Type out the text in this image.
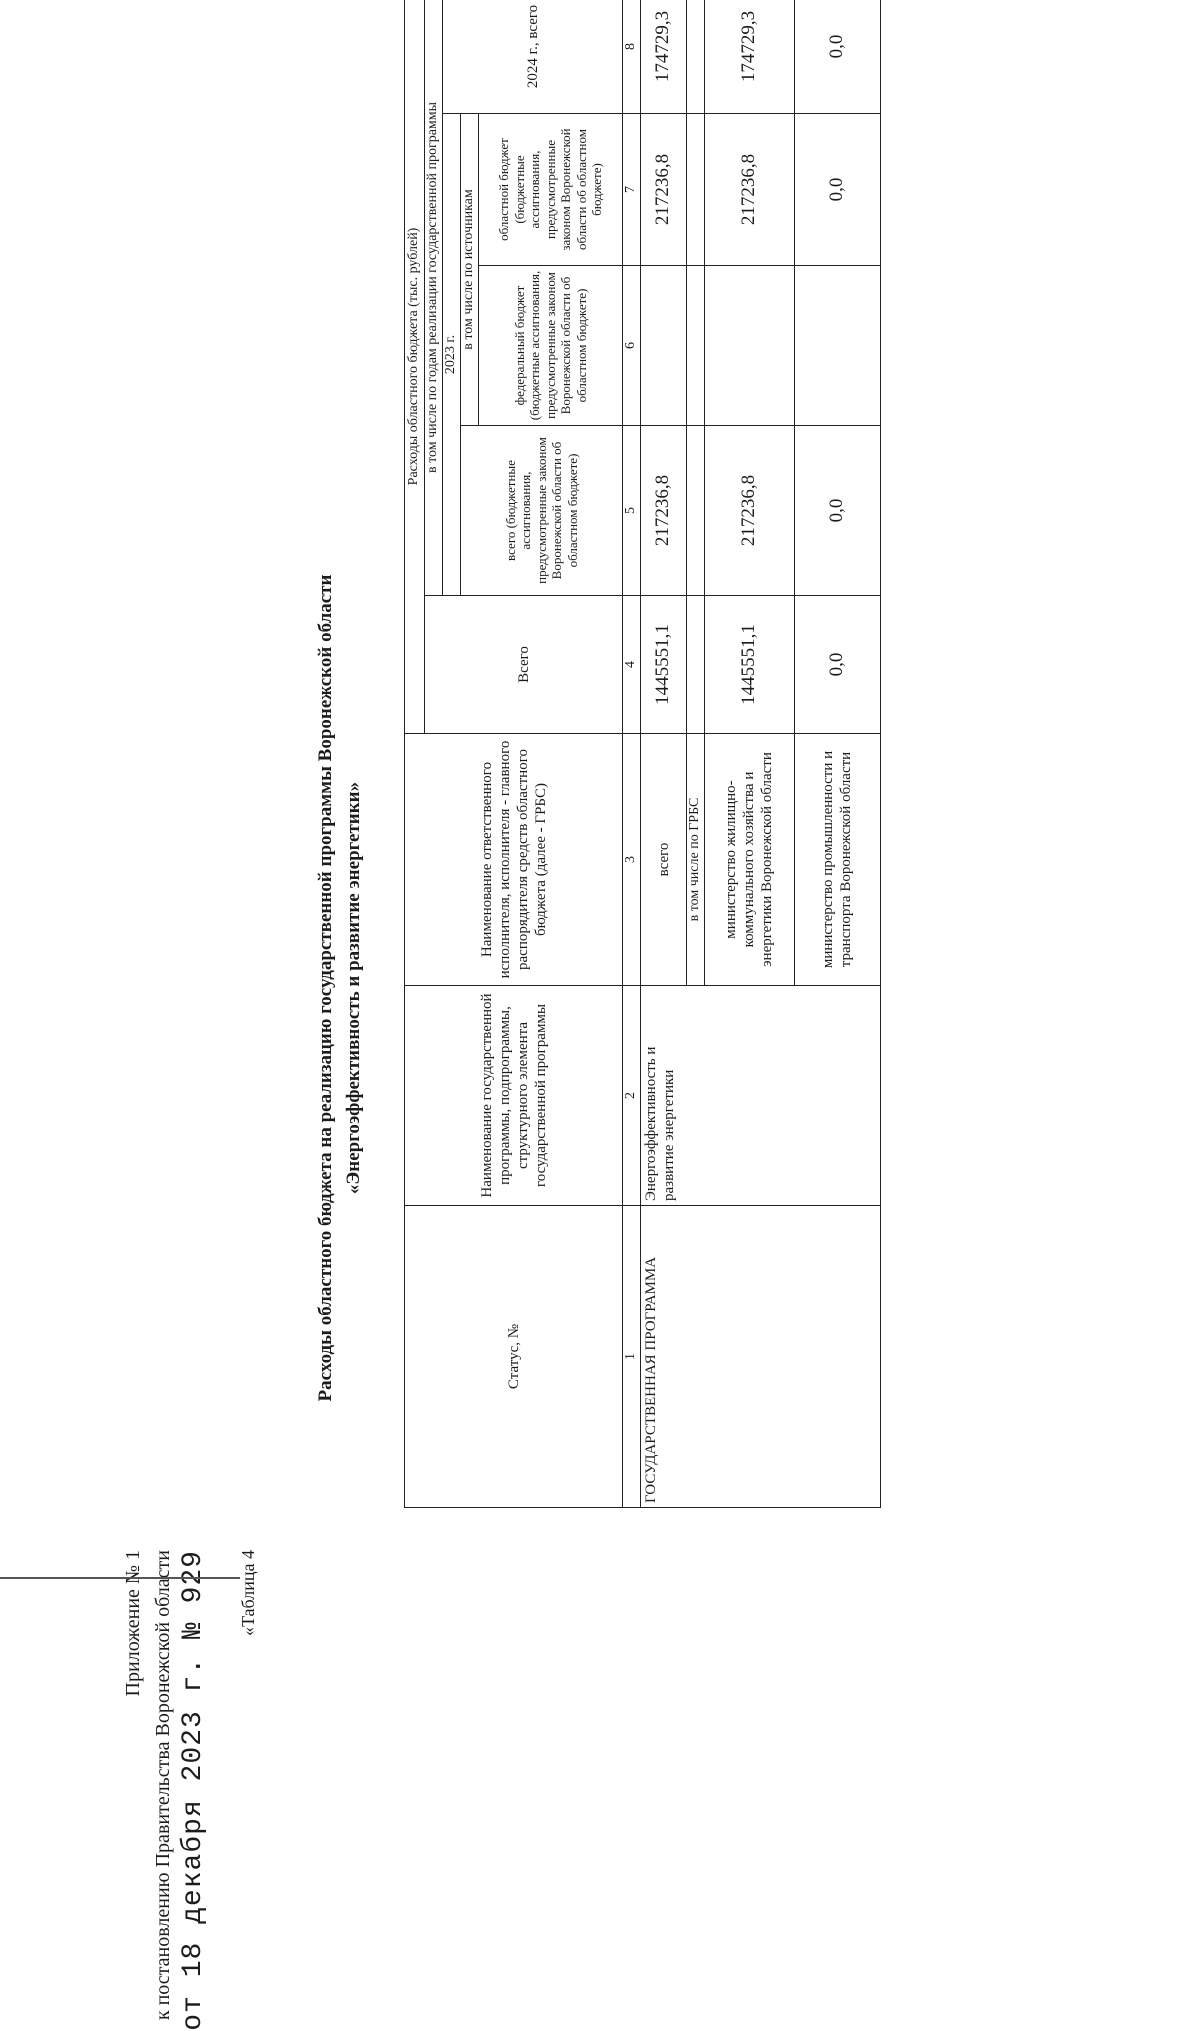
Приложение № 1 к постановлению Правительства Воронежской области от 18 декабря 2023 г. № 929 «Таблица 4
Расходы областного бюджета на реализацию государственной программы Воронежской области «Энергоэффективность и развитие энергетики»
Статус, №	Наименование государственной программы, подпрограммы, структурного элемента государственной программы	Наименование ответственного исполнителя, исполнителя - главного распорядителя средств областного бюджета (далее - ГРБС)	Расходы областного бюджета (тыс. рублей)				
			Всего	в том числе по годам реализации государственной программы			
				2023 г.			2024 г., всего
				всего (бюджетные ассигнования, предусмотренные законом Воронежской области об областном бюджете)	в том числе по источникам		
					федеральный бюджет (бюджетные ассигнования, предусмотренные законом Воронежской области об областном бюджете)	областной бюджет (бюджетные ассигнования, предусмотренные законом Воронежской области об областном бюджете)	
1	2	3	4	5	6	7	8
ГОСУДАРСТВЕННАЯ ПРОГРАММА	Энергоэффективность и развитие энергетики	всего	1445551,1	217236,8		217236,8	174729,3
		в том числе по ГРБС					
		министерство жилищно-коммунального хозяйства и энергетики Воронежской области	1445551,1	217236,8		217236,8	174729,3
		министерство промышленности и транспорта Воронежской области	0,0	0,0		0,0	0,0
